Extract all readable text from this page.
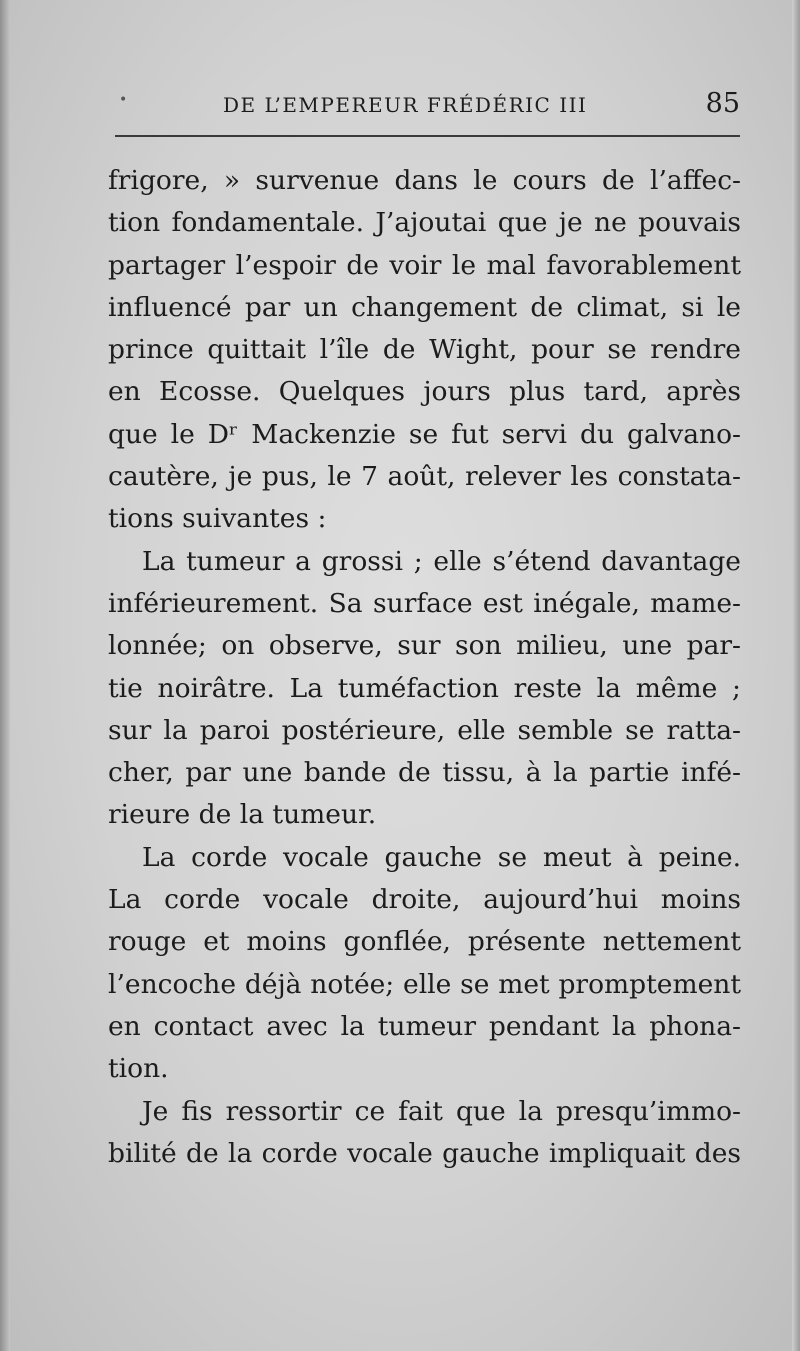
•	DE L’EMPEREUR FRÉDÉRIC III	85
frigore, » survenue dans le cours de l’affec-
tion fondamentale. J’ajoutai que je ne pouvais
partager l’espoir de voir le mal favorablement
influencé par un changement de climat, si le
prince quittait l’île de Wight, pour se rendre
en Ecosse. Quelques jours plus tard, après
que le Dʳ Mackenzie se fut servi du galvano-
cautère, je pus, le 7 août, relever les constata-
tions suivantes :
La tumeur a grossi ; elle s’étend davantage
inférieurement. Sa surface est inégale, mame-
lonnée; on observe, sur son milieu, une par-
tie noirâtre. La tuméfaction reste la même ;
sur la paroi postérieure, elle semble se ratta-
cher, par une bande de tissu, à la partie infé-
rieure de la tumeur.
La corde vocale gauche se meut à peine.
La corde vocale droite, aujourd’hui moins
rouge et moins gonflée, présente nettement
l’encoche déjà notée; elle se met promptement
en contact avec la tumeur pendant la phona-
tion.
Je fis ressortir ce fait que la presqu’immo-
bilité de la corde vocale gauche impliquait des
